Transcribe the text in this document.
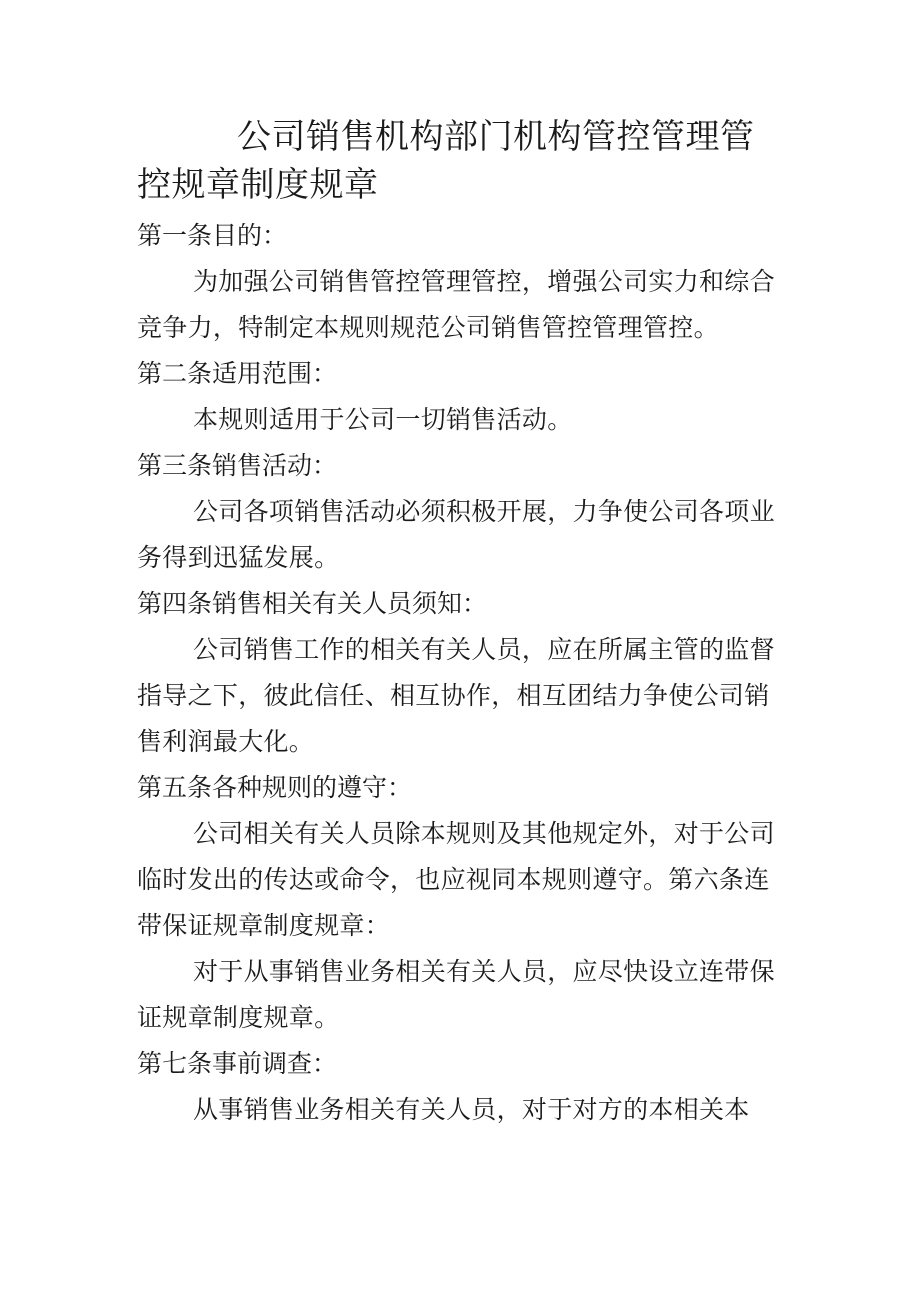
公司销售机构部门机构管控管理管控规章制度规章

第一条目的：

为加强公司销售管控管理管控，增强公司实力和综合竞争力，特制定本规则规范公司销售管控管理管控。

第二条适用范围：

本规则适用于公司一切销售活动。

第三条销售活动：

公司各项销售活动必须积极开展，力争使公司各项业务得到迅猛发展。

第四条销售相关有关人员须知：

公司销售工作的相关有关人员，应在所属主管的监督指导之下，彼此信任、相互协作，相互团结力争使公司销售利润最大化。

第五条各种规则的遵守：

公司相关有关人员除本规则及其他规定外，对于公司临时发出的传达或命令，也应视同本规则遵守。第六条连带保证规章制度规章：

对于从事销售业务相关有关人员，应尽快设立连带保证规章制度规章。

第七条事前调查：

从事销售业务相关有关人员，对于对方的本相关本
